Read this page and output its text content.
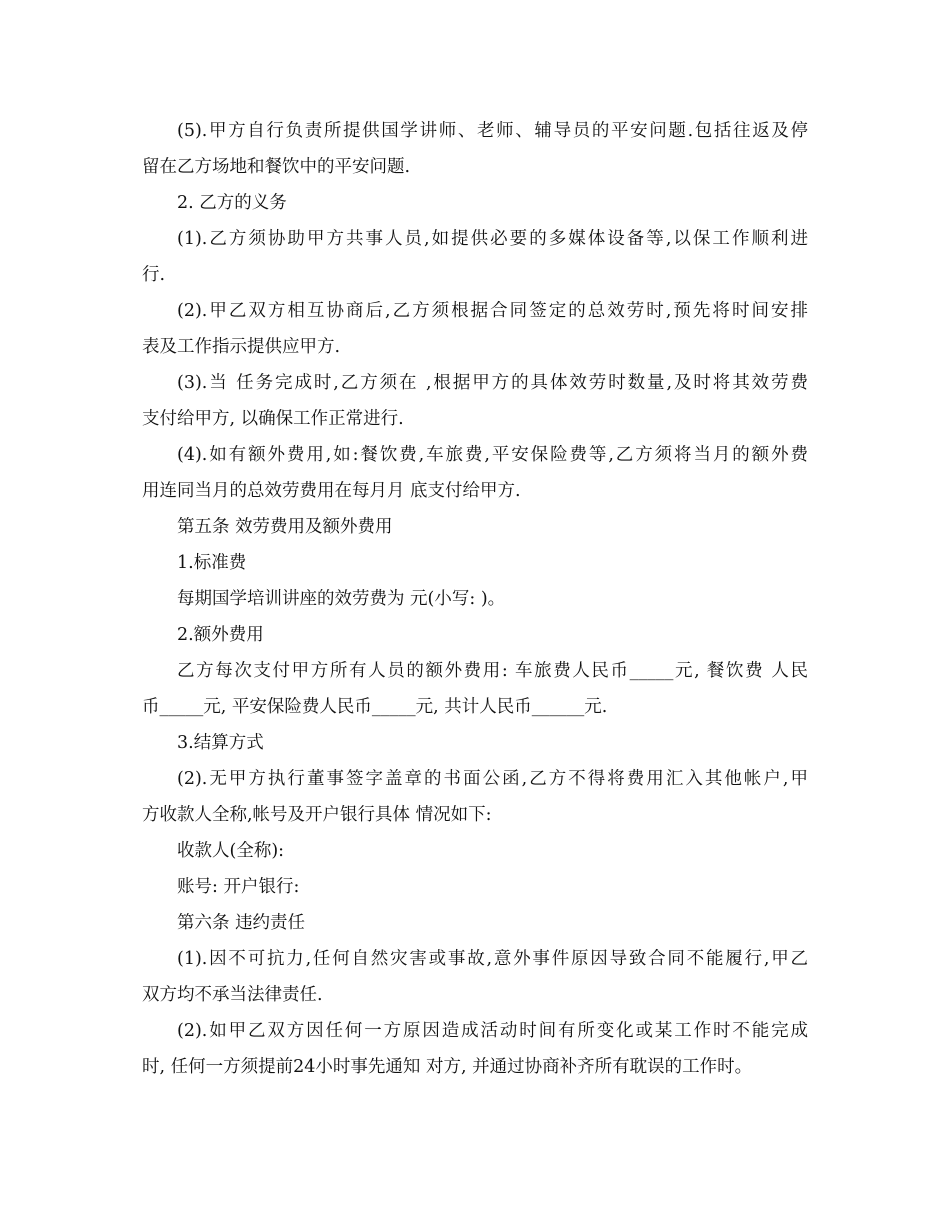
(5).甲方自行负责所提供国学讲师、老师、辅导员的平安问题.包括往返及停
留在乙方场地和餐饮中的平安问题.
2. 乙方的义务
(1).乙方须协助甲方共事人员,如提供必要的多媒体设备等,以保工作顺利进
行.
(2).甲乙双方相互协商后,乙方须根据合同签定的总效劳时,预先将时间安排
表及工作指示提供应甲方.
(3).当 任务完成时,乙方须在 ,根据甲方的具体效劳时数量,及时将其效劳费
支付给甲方, 以确保工作正常进行.
(4).如有额外费用,如:餐饮费,车旅费,平安保险费等,乙方须将当月的额外费
用连同当月的总效劳费用在每月月 底支付给甲方.
第五条 效劳费用及额外费用
1.标准费
每期国学培训讲座的效劳费为 元(小写: )。
2.额外费用
乙方每次支付甲方所有人员的额外费用: 车旅费人民币_____元, 餐饮费 人民
币_____元, 平安保险费人民币_____元, 共计人民币______元.
3.结算方式
(2).无甲方执行董事签字盖章的书面公函,乙方不得将费用汇入其他帐户,甲
方收款人全称,帐号及开户银行具体 情况如下:
收款人(全称):
账号: 开户银行:
第六条 违约责任
(1).因不可抗力,任何自然灾害或事故,意外事件原因导致合同不能履行,甲乙
双方均不承当法律责任.
(2).如甲乙双方因任何一方原因造成活动时间有所变化或某工作时不能完成
时, 任何一方须提前24小时事先通知 对方, 并通过协商补齐所有耽误的工作时。
